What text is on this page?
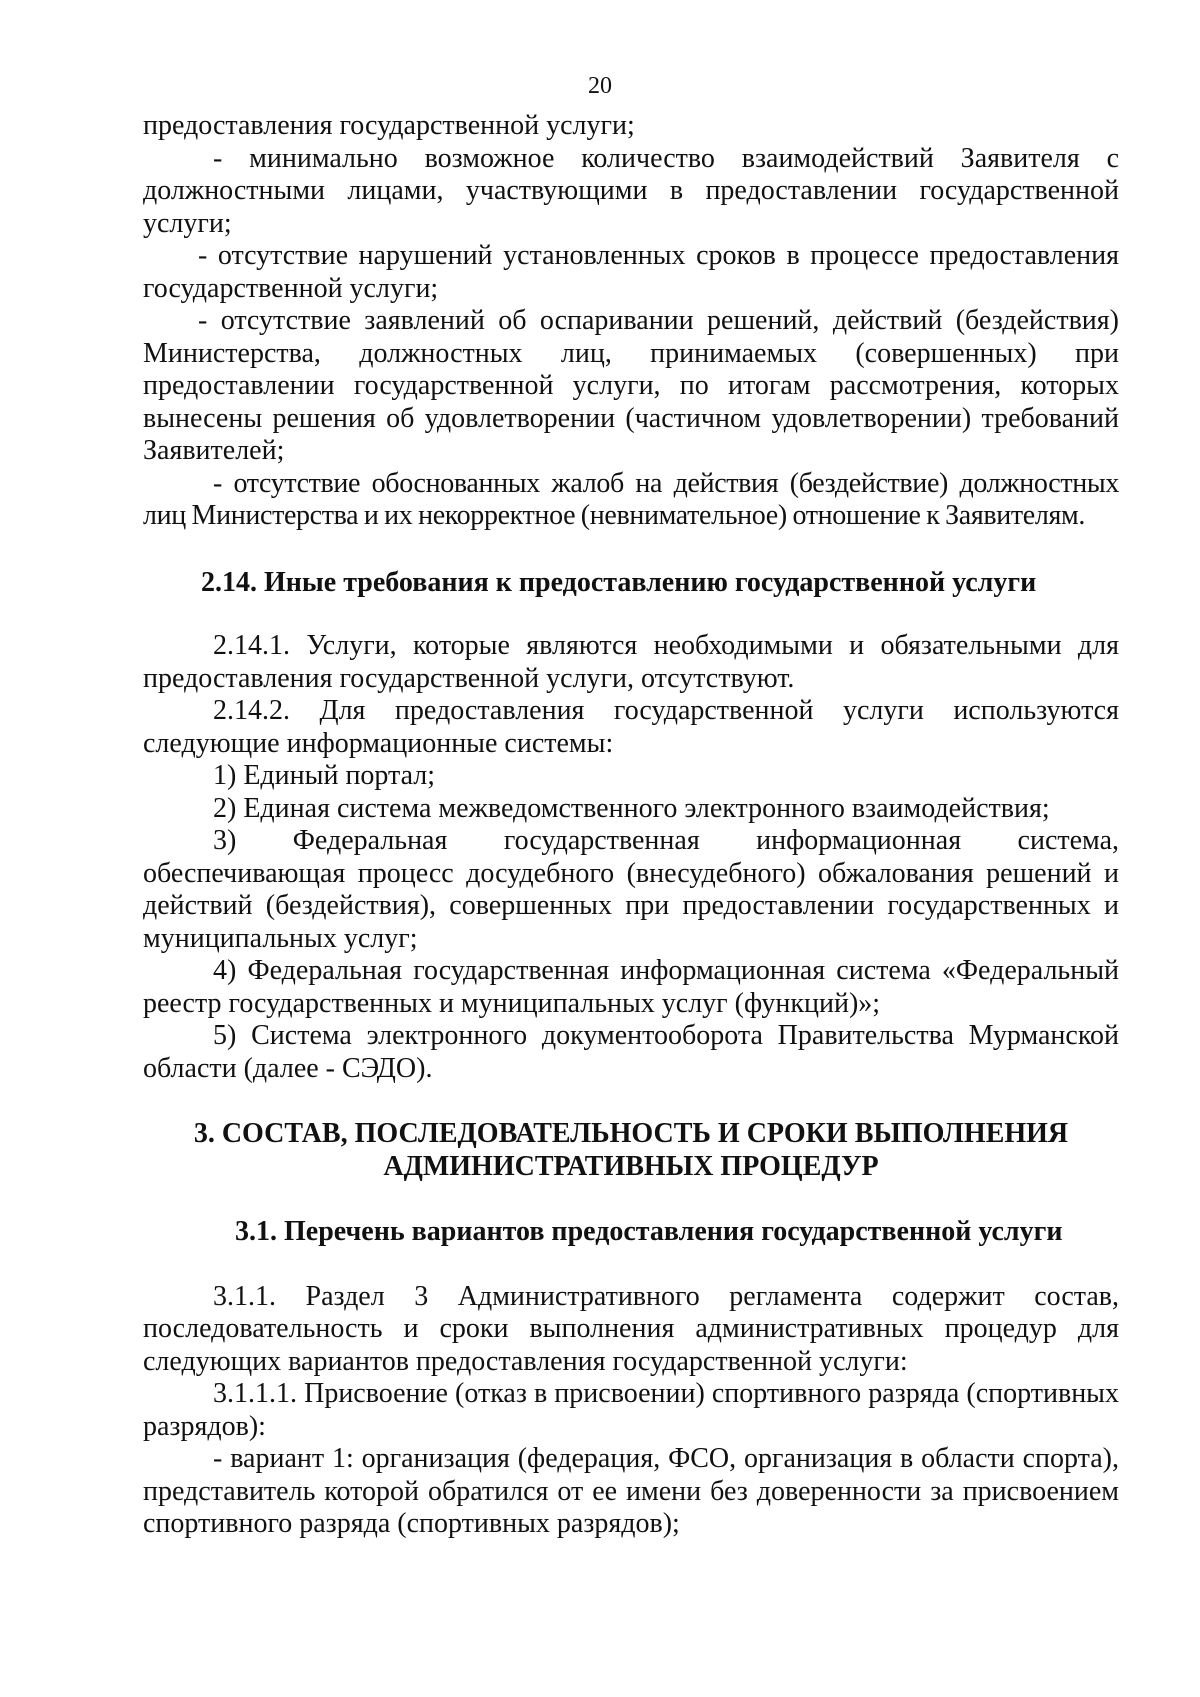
20

предоставления государственной услуги;

- минимально возможное количество взаимодействий Заявителя с должностными лицами, участвующими в предоставлении государственной услуги;

- отсутствие нарушений установленных сроков в процессе предоставления государственной услуги;

- отсутствие заявлений об оспаривании решений, действий (бездействия) Министерства, должностных лиц, принимаемых (совершенных) при предоставлении государственной услуги, по итогам рассмотрения, которых вынесены решения об удовлетворении (частичном удовлетворении) требований Заявителей;

- отсутствие обоснованных жалоб на действия (бездействие) должностных лиц Министерства и их некорректное (невнимательное) отношение к Заявителям.

2.14. Иные требования к предоставлению государственной услуги

2.14.1. Услуги, которые являются необходимыми и обязательными для предоставления государственной услуги, отсутствуют.

2.14.2. Для предоставления государственной услуги используются следующие информационные системы:

1) Единый портал;

2) Единая система межведомственного электронного взаимодействия;

3) Федеральная государственная информационная система, обеспечивающая процесс досудебного (внесудебного) обжалования решений и действий (бездействия), совершенных при предоставлении государственных и муниципальных услуг;

4) Федеральная государственная информационная система «Федеральный реестр государственных и муниципальных услуг (функций)»;

5) Система электронного документооборота Правительства Мурманской области (далее - СЭДО).

3. СОСТАВ, ПОСЛЕДОВАТЕЛЬНОСТЬ И СРОКИ ВЫПОЛНЕНИЯ
АДМИНИСТРАТИВНЫХ ПРОЦЕДУР
3.1. Перечень вариантов предоставления государственной услуги

3.1.1. Раздел 3 Административного регламента содержит состав, последовательность и сроки выполнения административных процедур для следующих вариантов предоставления государственной услуги:

3.1.1.1. Присвоение (отказ в присвоении) спортивного разряда (спортивных разрядов):

- вариант 1: организация (федерация, ФСО, организация в области спорта), представитель которой обратился от ее имени без доверенности за присвоением спортивного разряда (спортивных разрядов);
